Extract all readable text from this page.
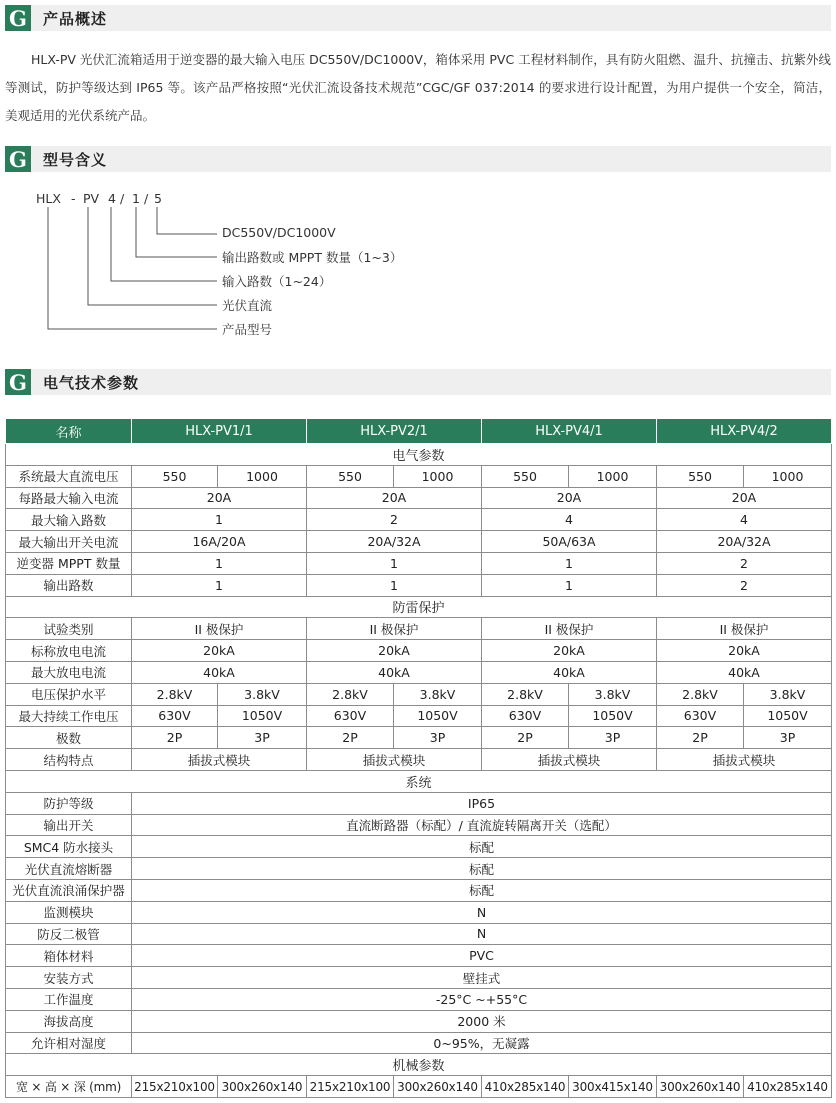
G 产品概述

HLX-PV 光伏汇流箱适用于逆变器的最大输入电压 DC550V/DC1000V，箱体采用 PVC 工程材料制作，具有防火阻燃、温升、抗撞击、抗紫外线等测试，防护等级达到 IP65 等。该产品严格按照“光伏汇流设备技术规范”CGC/GF 037:2014 的要求进行设计配置，为用户提供一个安全，简洁，美观适用的光伏系统产品。

G 型号含义
HLX - PV 4 / 1 / 5
DC550V/DC1000V
输出路数或 MPPT 数量（1~3）
输入路数（1~24）
光伏直流
产品型号
G 电气技术参数
名称	HLX-PV1/1		HLX-PV2/1		HLX-PV4/1		HLX-PV4/2	
电气参数								
系统最大直流电压	550	1000	550	1000	550	1000	550	1000
每路最大输入电流	20A		20A		20A		20A	
最大输入路数	1		2		4		4	
最大输出开关电流	16A/20A		20A/32A		50A/63A		20A/32A	
逆变器 MPPT 数量	1		1		1		2	
输出路数	1		1		1		2	
防雷保护								
试验类别	II 极保护		II 极保护		II 极保护		II 极保护	
标称放电电流	20kA		20kA		20kA		20kA	
最大放电电流	40kA		40kA		40kA		40kA	
电压保护水平	2.8kV	3.8kV	2.8kV	3.8kV	2.8kV	3.8kV	2.8kV	3.8kV
最大持续工作电压	630V	1050V	630V	1050V	630V	1050V	630V	1050V
极数	2P	3P	2P	3P	2P	3P	2P	3P
结构特点	插拔式模块		插拔式模块		插拔式模块		插拔式模块	
系统								
防护等级	IP65							
输出开关	直流断路器（标配）/ 直流旋转隔离开关（选配）							
SMC4 防水接头	标配							
光伏直流熔断器	标配							
光伏直流浪涌保护器	标配							
监测模块	N							
防反二极管	N							
箱体材料	PVC							
安装方式	壁挂式							
工作温度	-25°C ~+55°C							
海拔高度	2000 米							
允许相对湿度	0~95%，无凝露							
机械参数								
宽 × 高 × 深 (mm)	215x210x100	300x260x140	215x210x100	300x260x140	410x285x140	300x415x140	300x260x140	410x285x140
